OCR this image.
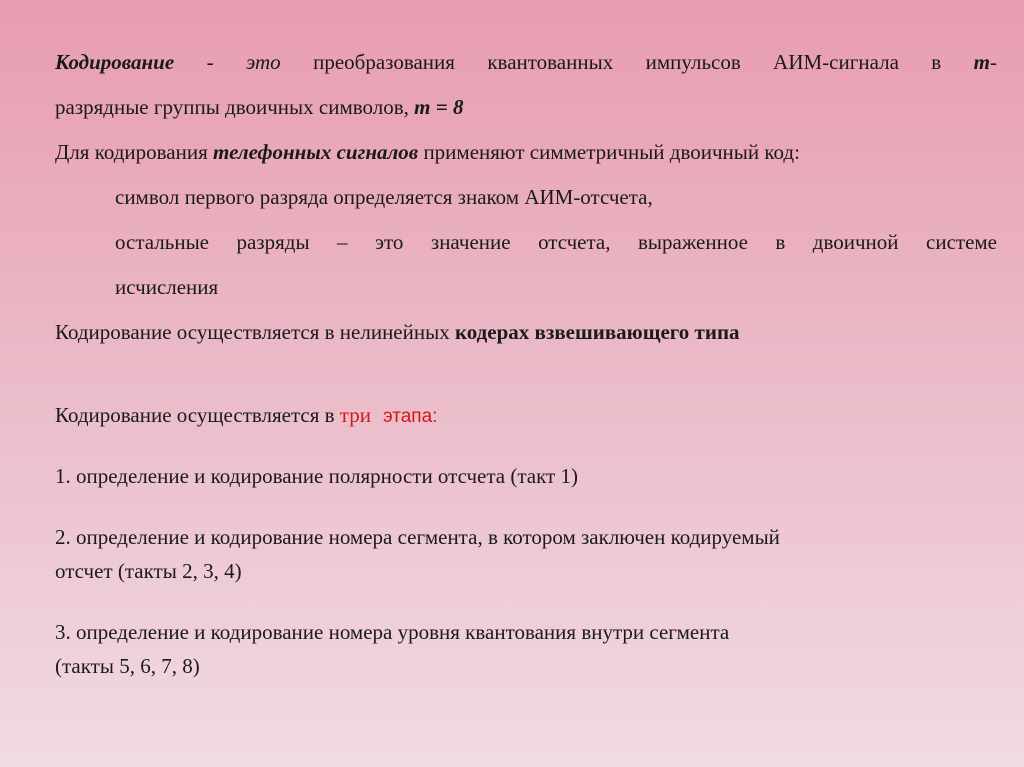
Кодирование - это преобразования квантованных импульсов АИМ-сигнала в m-
разрядные группы двоичных символов, m = 8
Для кодирования телефонных сигналов применяют симметричный двоичный код:
символ первого разряда определяется знаком АИМ-отсчета,
остальные разряды – это значение отсчета, выраженное в двоичной системе
исчисления
Кодирование осуществляется в нелинейных кодерах взвешивающего типа
Кодирование осуществляется в три этапа:
1. определение и кодирование полярности отсчета (такт 1)
2. определение и кодирование номера сегмента, в котором заключен кодируемый
отсчет (такты 2, 3, 4)
3. определение и кодирование номера уровня квантования внутри сегмента
(такты 5, 6, 7, 8)
